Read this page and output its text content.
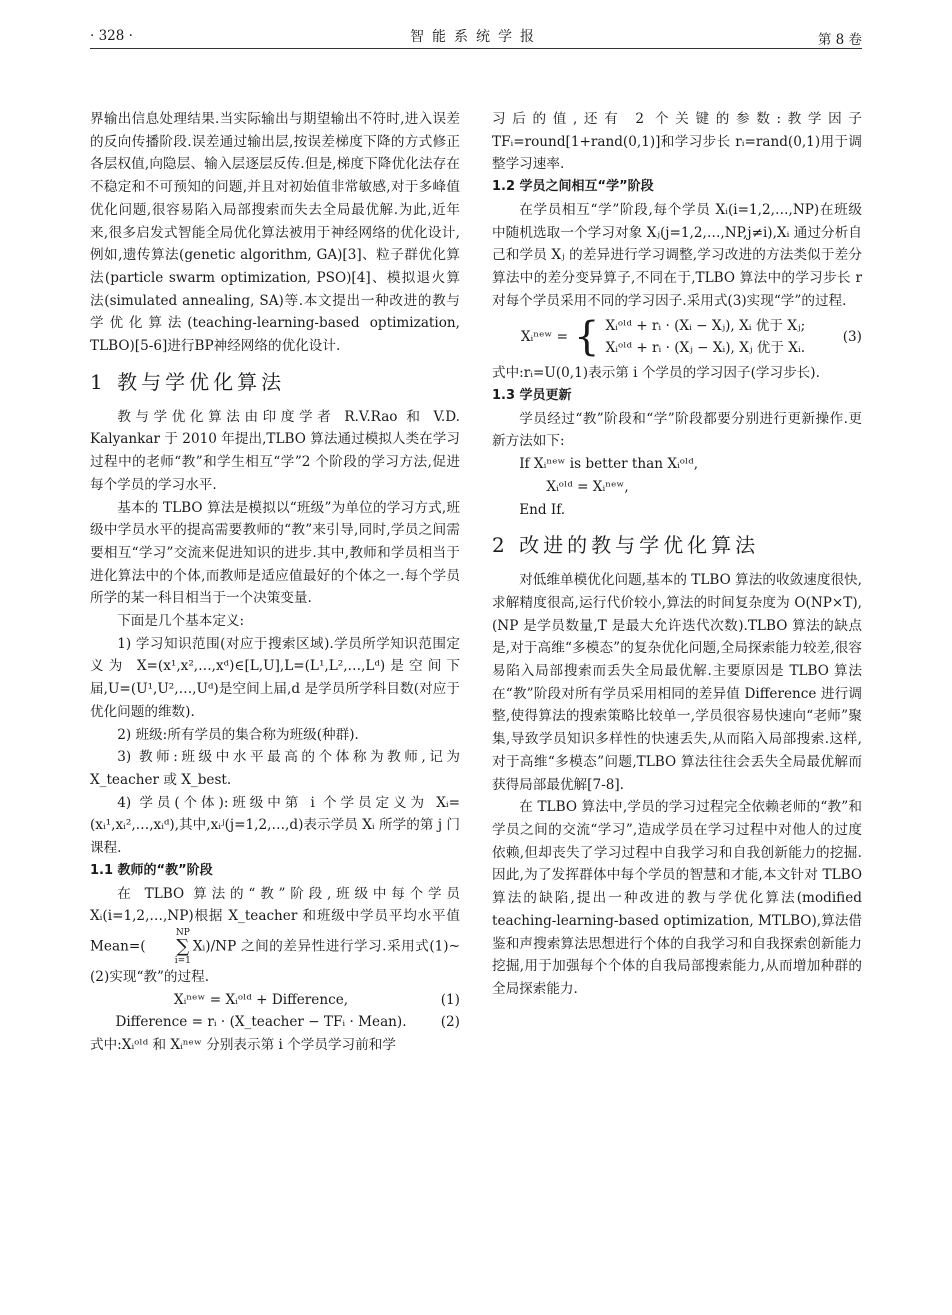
· 328 ·	智能系统学报	第 8 卷

界输出信息处理结果.当实际输出与期望输出不符时,进入误差的反向传播阶段.误差通过输出层,按误差梯度下降的方式修正各层权值,向隐层、输入层逐层反传.但是,梯度下降优化法存在不稳定和不可预知的问题,并且对初始值非常敏感,对于多峰值优化问题,很容易陷入局部搜索而失去全局最优解.为此,近年来,很多启发式智能全局优化算法被用于神经网络的优化设计,例如,遗传算法(genetic algorithm, GA)[3]、粒子群优化算法(particle swarm optimization, PSO)[4]、模拟退火算法(simulated annealing, SA)等.本文提出一种改进的教与学优化算法(teaching-learning-based optimization, TLBO)[5-6]进行BP神经网络的优化设计.

1 教与学优化算法

教与学优化算法由印度学者 R.V.Rao 和 V.D. Kalyankar 于 2010 年提出,TLBO 算法通过模拟人类在学习过程中的老师“教”和学生相互“学”2 个阶段的学习方法,促进每个学员的学习水平.

基本的 TLBO 算法是模拟以“班级”为单位的学习方式,班级中学员水平的提高需要教师的“教”来引导,同时,学员之间需要相互“学习”交流来促进知识的进步.其中,教师和学员相当于进化算法中的个体,而教师是适应值最好的个体之一.每个学员所学的某一科目相当于一个决策变量.

下面是几个基本定义:

1) 学习知识范围(对应于搜索区域).学员所学知识范围定义为 X=(x¹,x²,…,xᵈ)∈[L,U],L=(L¹,L²,…,Lᵈ)是空间下届,U=(U¹,U²,…,Uᵈ)是空间上届,d 是学员所学科目数(对应于优化问题的维数).

2) 班级:所有学员的集合称为班级(种群).

3) 教师:班级中水平最高的个体称为教师,记为 X_teacher 或 X_best.

4) 学员(个体):班级中第 i 个学员定义为 Xᵢ=(xᵢ¹,xᵢ²,…,xᵢᵈ),其中,xᵢʲ(j=1,2,…,d)表示学员 Xᵢ 所学的第 j 门课程.

1.1 教师的“教”阶段

在 TLBO 算法的“教”阶段,班级中每个学员 Xᵢ(i=1,2,…,NP)根据 X_teacher 和班级中学员平均水平值 Mean=(
NP
∑
i=1
Xᵢ)/NP 之间的差异性进行学习.采用式(1)~(2)实现“教”的过程.

Xᵢⁿᵉʷ = Xᵢᵒˡᵈ + Difference,	(1)
Difference = rᵢ · (X_teacher − TFᵢ · Mean).	(2)

式中:Xᵢᵒˡᵈ 和 Xᵢⁿᵉʷ 分别表示第 i 个学员学习前和学

习后的值,还有 2 个关键的参数:教学因子 TFᵢ=round[1+rand(0,1)]和学习步长 rᵢ=rand(0,1)用于调整学习速率.

1.2 学员之间相互“学”阶段

在学员相互“学”阶段,每个学员 Xᵢ(i=1,2,…,NP)在班级中随机选取一个学习对象 Xⱼ(j=1,2,…,NP,j≠i),Xᵢ 通过分析自己和学员 Xⱼ 的差异进行学习调整,学习改进的方法类似于差分算法中的差分变异算子,不同在于,TLBO 算法中的学习步长 r 对每个学员采用不同的学习因子.采用式(3)实现“学”的过程.

Xᵢⁿᵉʷ = { Xᵢᵒˡᵈ + rᵢ · (Xᵢ − Xⱼ), Xᵢ 优于 Xⱼ;
Xᵢᵒˡᵈ + rᵢ · (Xⱼ − Xᵢ), Xⱼ 优于 Xᵢ.
(3)

式中:rᵢ=U(0,1)表示第 i 个学员的学习因子(学习步长).

1.3 学员更新

学员经过“教”阶段和“学”阶段都要分别进行更新操作.更新方法如下:

If Xᵢⁿᵉʷ is better than Xᵢᵒˡᵈ,

Xᵢᵒˡᵈ = Xᵢⁿᵉʷ,

End If.

2 改进的教与学优化算法

对低维单模优化问题,基本的 TLBO 算法的收敛速度很快,求解精度很高,运行代价较小,算法的时间复杂度为 O(NP×T),(NP 是学员数量,T 是最大允许迭代次数).TLBO 算法的缺点是,对于高维“多模态”的复杂优化问题,全局探索能力较差,很容易陷入局部搜索而丢失全局最优解.主要原因是 TLBO 算法在“教”阶段对所有学员采用相同的差异值 Difference 进行调整,使得算法的搜索策略比较单一,学员很容易快速向“老师”聚集,导致学员知识多样性的快速丢失,从而陷入局部搜索.这样,对于高维“多模态”问题,TLBO 算法往往会丢失全局最优解而获得局部最优解[7-8].

在 TLBO 算法中,学员的学习过程完全依赖老师的“教”和学员之间的交流“学习”,造成学员在学习过程中对他人的过度依赖,但却丧失了学习过程中自我学习和自我创新能力的挖掘.因此,为了发挥群体中每个学员的智慧和才能,本文针对 TLBO 算法的缺陷,提出一种改进的教与学优化算法(modified teaching-learning-based optimization, MTLBO),算法借鉴和声搜索算法思想进行个体的自我学习和自我探索创新能力挖掘,用于加强每个个体的自我局部搜索能力,从而增加种群的全局探索能力.
